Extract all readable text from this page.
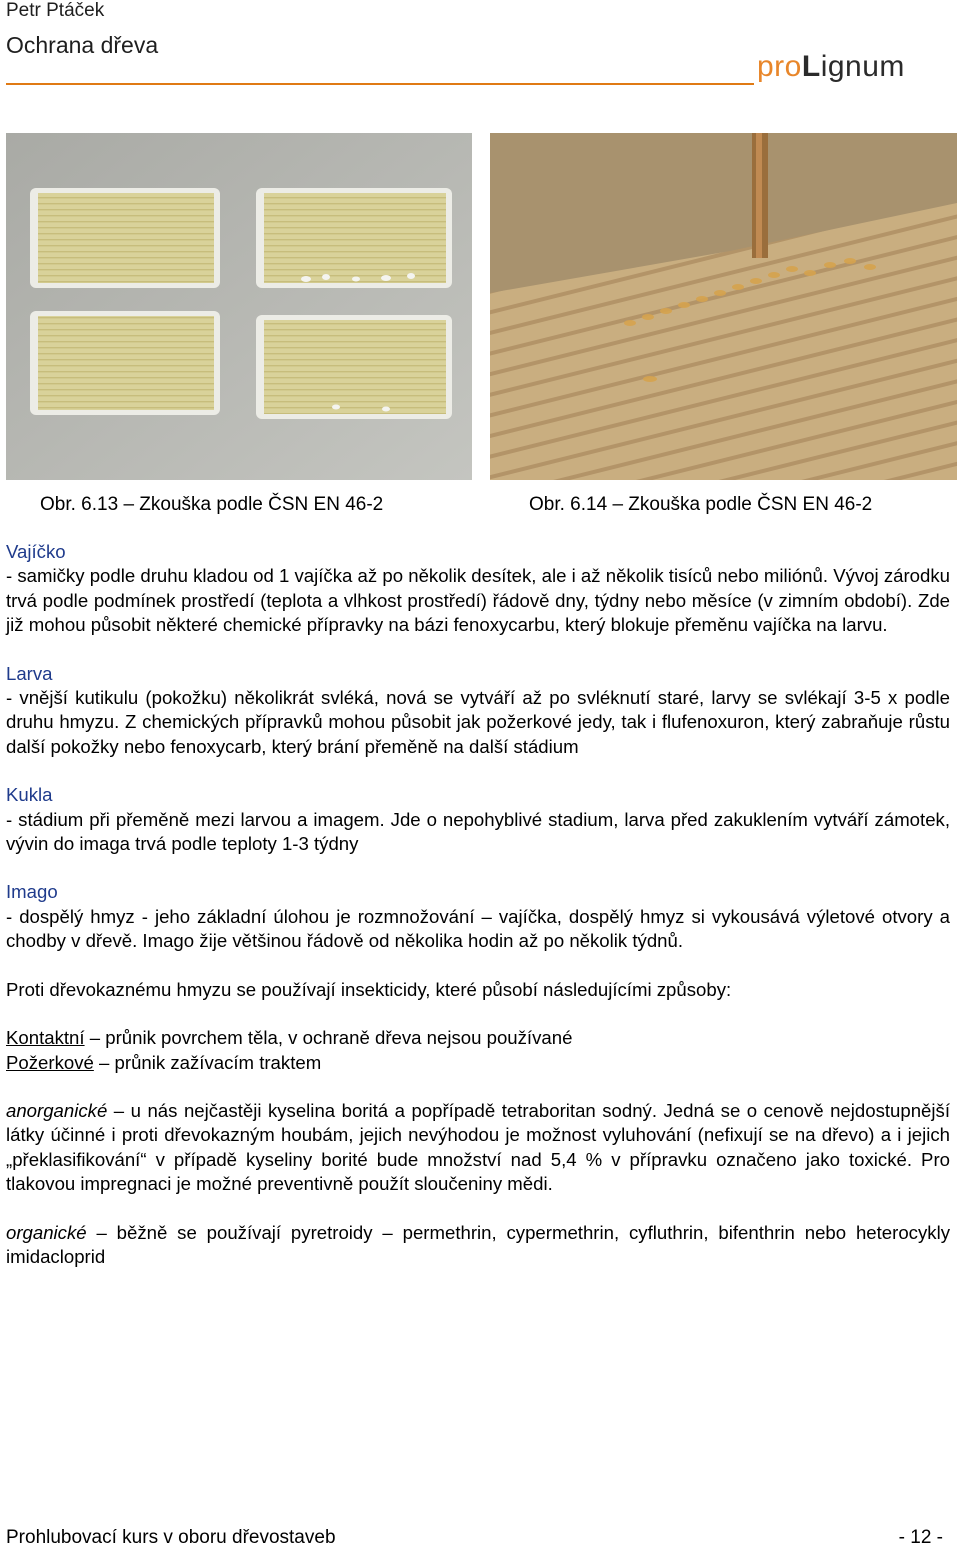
Petr Ptáček
Ochrana dřeva
proLignum
Obr. 6.13 – Zkouška podle ČSN EN 46-2	Obr. 6.14 – Zkouška podle ČSN EN 46-2

Vajíčko

- samičky podle druhu kladou od 1 vajíčka až po několik desítek, ale i až několik tisíců nebo miliónů. Vývoj zárodku trvá podle podmínek prostředí (teplota a vlhkost prostředí) řádově dny, týdny nebo měsíce (v zimním období). Zde již mohou působit některé chemické přípravky na bázi fenoxycarbu, který blokuje přeměnu vajíčka na larvu.

Larva

- vnější kutikulu (pokožku) několikrát svléká, nová se vytváří až po svléknutí staré, larvy se svlékají 3-5 x podle druhu hmyzu. Z chemických přípravků mohou působit jak požerkové jedy, tak i flufenoxuron, který zabraňuje růstu další pokožky nebo fenoxycarb, který brání přeměně na další stádium

Kukla

- stádium při přeměně mezi larvou a imagem. Jde o nepohyblivé stadium, larva před zakuklením vytváří zámotek, vývin do imaga trvá podle teploty 1-3 týdny

Imago

- dospělý hmyz - jeho základní úlohou je rozmnožování – vajíčka, dospělý hmyz si vykousává výletové otvory a chodby v dřevě. Imago žije většinou řádově od několika hodin až po několik týdnů.

Proti dřevokaznému hmyzu se používají insekticidy, které působí následujícími způsoby:

Kontaktní – průnik povrchem těla, v ochraně dřeva nejsou používané

Požerkové – průnik zažívacím traktem

anorganické – u nás nejčastěji kyselina boritá a popřípadě tetraboritan sodný. Jedná se o cenově nejdostupnější látky účinné i proti dřevokazným houbám, jejich nevýhodou je možnost vyluhování (nefixují se na dřevo) a i jejich „překlasifikování“ v případě kyseliny borité bude množství nad 5,4 % v přípravku označeno jako toxické. Pro tlakovou impregnaci je možné preventivně použít sloučeniny mědi.

organické – běžně se používají pyretroidy – permethrin, cypermethrin, cyfluthrin, bifenthrin nebo heterocykly imidacloprid

Prohlubovací kurs v oboru dřevostaveb	- 12 -
